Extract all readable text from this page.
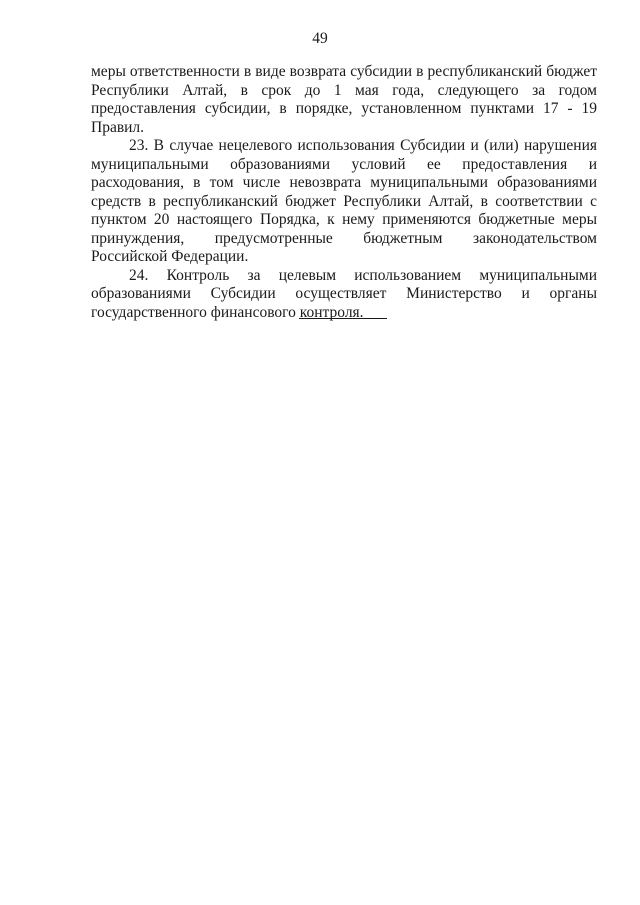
49

меры ответственности в виде возврата субсидии в республиканский бюджет Республики Алтай, в срок до 1 мая года, следующего за годом предоставления субсидии, в порядке, установленном пунктами 17 - 19 Правил.

23. В случае нецелевого использования Субсидии и (или) нарушения муниципальными образованиями условий ее предоставления и расходования, в том числе невозврата муниципальными образованиями средств в республиканский бюджет Республики Алтай, в соответствии с пунктом 20 настоящего Порядка, к нему применяются бюджетные меры принуждения, предусмотренные бюджетным законодательством Российской Федерации.

24. Контроль за целевым использованием муниципальными образованиями Субсидии осуществляет Министерство и органы государственного финансового контроля.
